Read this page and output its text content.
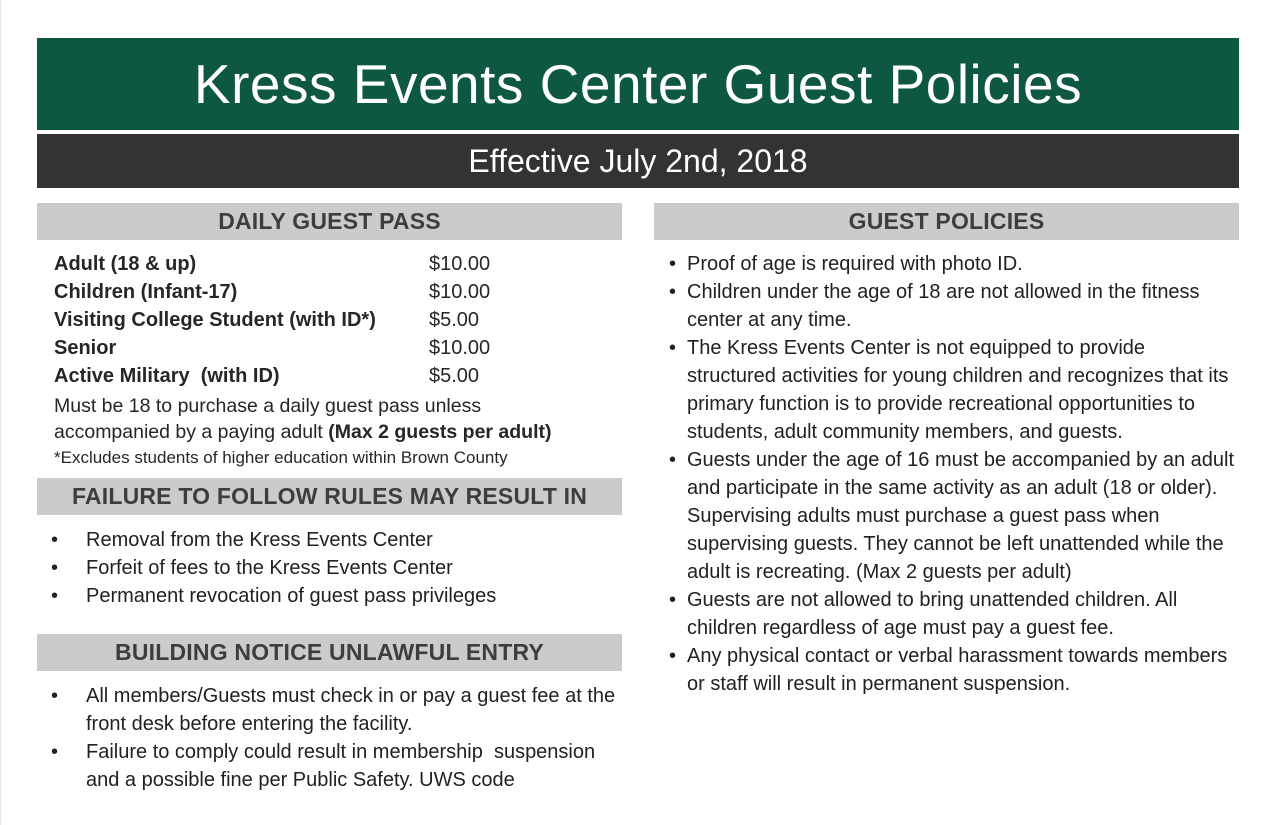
Kress Events Center Guest Policies
Effective July 2nd, 2018
DAILY GUEST PASS
Adult (18 & up)	$10.00
Children (Infant-17)	$10.00
Visiting College Student (with ID*)	$5.00
Senior	$10.00
Active Military  (with ID)	$5.00

Must be 18 to purchase a daily guest pass unless accompanied by a paying adult (Max 2 guests per adult)

*Excludes students of higher education within Brown County

FAILURE TO FOLLOW RULES MAY RESULT IN
• Removal from the Kress Events Center
• Forfeit of fees to the Kress Events Center
• Permanent revocation of guest pass privileges
BUILDING NOTICE UNLAWFUL ENTRY
• All members/Guests must check in or pay a guest fee at the front desk before entering the facility.
• Failure to comply could result in membership  suspension and a possible fine per Public Safety. UWS code
GUEST POLICIES
• Proof of age is required with photo ID.
• Children under the age of 18 are not allowed in the fitness center at any time.
• The Kress Events Center is not equipped to provide structured activities for young children and recognizes that its primary function is to provide recreational opportunities to students, adult community members, and guests.
• Guests under the age of 16 must be accompanied by an adult and participate in the same activity as an adult (18 or older). Supervising adults must purchase a guest pass when supervising guests. They cannot be left unattended while the adult is recreating. (Max 2 guests per adult)
• Guests are not allowed to bring unattended children. All children regardless of age must pay a guest fee.
• Any physical contact or verbal harassment towards members or staff will result in permanent suspension.
